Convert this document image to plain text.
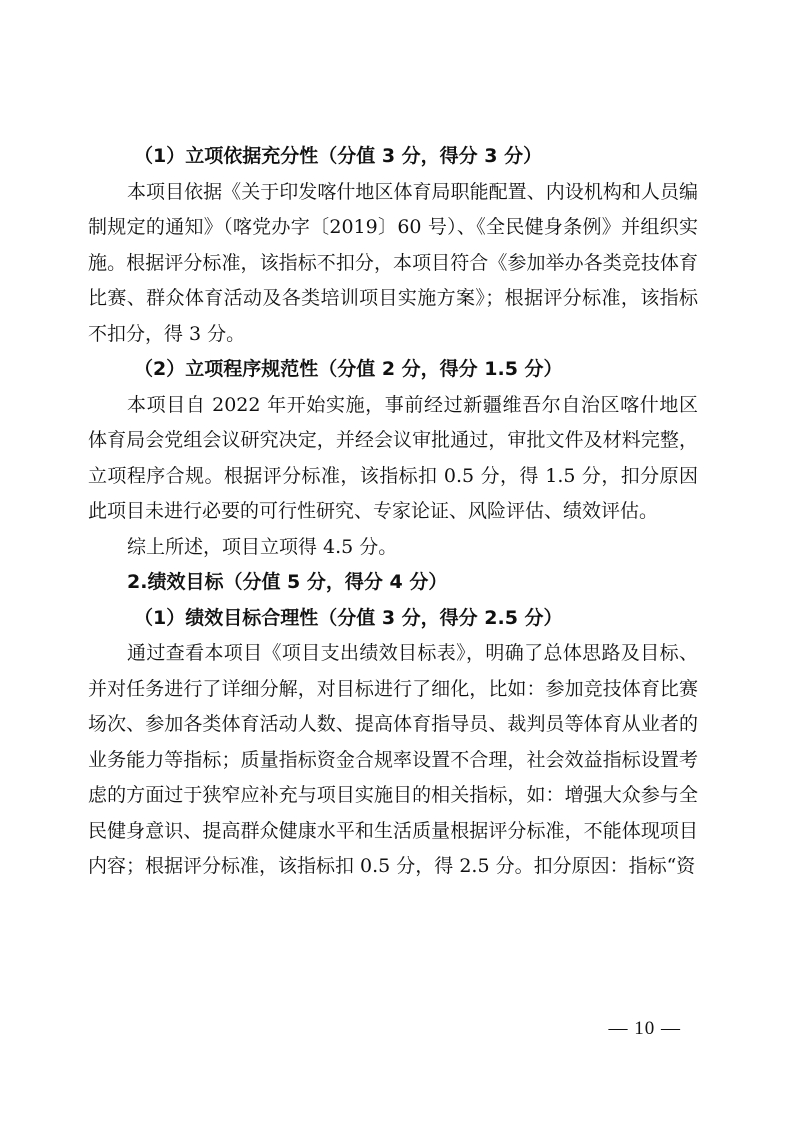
（1）立项依据充分性（分值 3 分，得分 3 分）

本项目依据《关于印发喀什地区体育局职能配置、内设机构和人员编制规定的通知》（喀党办字〔2019〕60 号）、《全民健身条例》并组织实施。根据评分标准，该指标不扣分，本项目符合《参加举办各类竞技体育比赛、群众体育活动及各类培训项目实施方案》；根据评分标准，该指标不扣分，得 3 分。

（2）立项程序规范性（分值 2 分，得分 1.5 分）

本项目自 2022 年开始实施，事前经过新疆维吾尔自治区喀什地区体育局会党组会议研究决定，并经会议审批通过，审批文件及材料完整，立项程序合规。根据评分标准，该指标扣 0.5 分，得 1.5 分，扣分原因此项目未进行必要的可行性研究、专家论证、风险评估、绩效评估。

综上所述，项目立项得 4.5 分。

2.绩效目标（分值 5 分，得分 4 分）
（1）绩效目标合理性（分值 3 分，得分 2.5 分）

通过查看本项目《项目支出绩效目标表》，明确了总体思路及目标、并对任务进行了详细分解，对目标进行了细化，比如：参加竞技体育比赛场次、参加各类体育活动人数、提高体育指导员、裁判员等体育从业者的业务能力等指标；质量指标资金合规率设置不合理，社会效益指标设置考虑的方面过于狭窄应补充与项目实施目的相关指标，如：增强大众参与全民健身意识、提高群众健康水平和生活质量根据评分标准，不能体现项目内容；根据评分标准，该指标扣 0.5 分，得 2.5 分。扣分原因：指标“资

— 10 —
